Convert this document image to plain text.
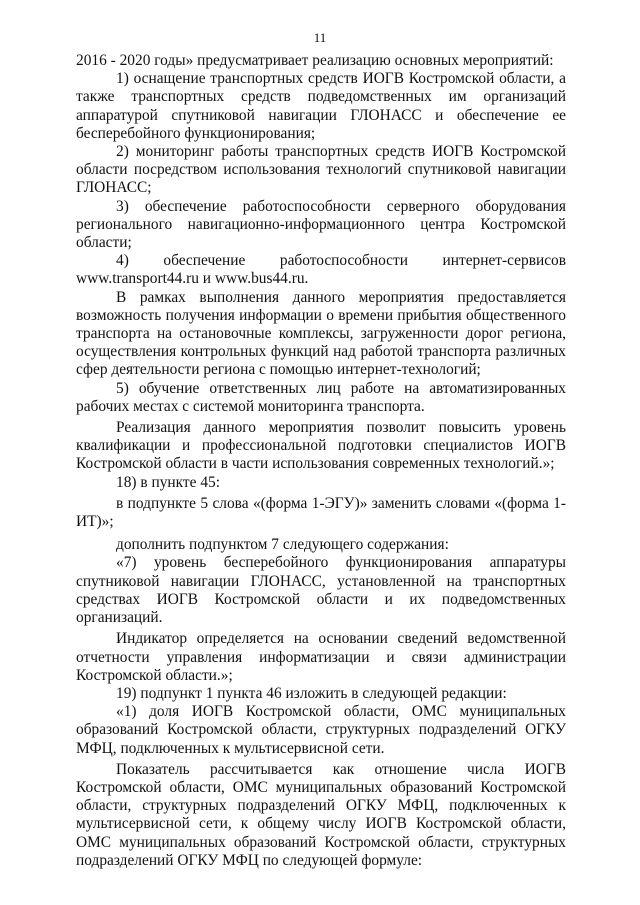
11

2016 - 2020 годы» предусматривает реализацию основных мероприятий:

1) оснащение транспортных средств ИОГВ Костромской области, а также транспортных средств подведомственных им организаций аппаратурой спутниковой навигации ГЛОНАСС и обеспечение ее бесперебойного функционирования;

2) мониторинг работы транспортных средств ИОГВ Костромской области посредством использования технологий спутниковой навигации ГЛОНАСС;

3) обеспечение работоспособности серверного оборудования регионального навигационно-информационного центра Костромской области;

4) обеспечение работоспособности интернет-сервисов www.transport44.ru и www.bus44.ru.

В рамках выполнения данного мероприятия предоставляется возможность получения информации о времени прибытия общественного транспорта на остановочные комплексы, загруженности дорог региона, осуществления контрольных функций над работой транспорта различных сфер деятельности региона с помощью интернет-технологий;

5) обучение ответственных лиц работе на автоматизированных рабочих местах с системой мониторинга транспорта.

Реализация данного мероприятия позволит повысить уровень квалификации и профессиональной подготовки специалистов ИОГВ Костромской области в части использования современных технологий.»;

18) в пункте 45:

в подпункте 5 слова «(форма 1-ЭГУ)» заменить словами «(форма 1-ИТ)»;

дополнить подпунктом 7 следующего содержания:

«7) уровень бесперебойного функционирования аппаратуры спутниковой навигации ГЛОНАСС, установленной на транспортных средствах ИОГВ Костромской области и их подведомственных организаций.

Индикатор определяется на основании сведений ведомственной отчетности управления информатизации и связи администрации Костромской области.»;

19) подпункт 1 пункта 46 изложить в следующей редакции:

«1) доля ИОГВ Костромской области, ОМС муниципальных образований Костромской области, структурных подразделений ОГКУ МФЦ, подключенных к мультисервисной сети.

Показатель рассчитывается как отношение числа ИОГВ Костромской области, ОМС муниципальных образований Костромской области, структурных подразделений ОГКУ МФЦ, подключенных к мультисервисной сети, к общему числу ИОГВ Костромской области, ОМС муниципальных образований Костромской области, структурных подразделений ОГКУ МФЦ по следующей формуле:
